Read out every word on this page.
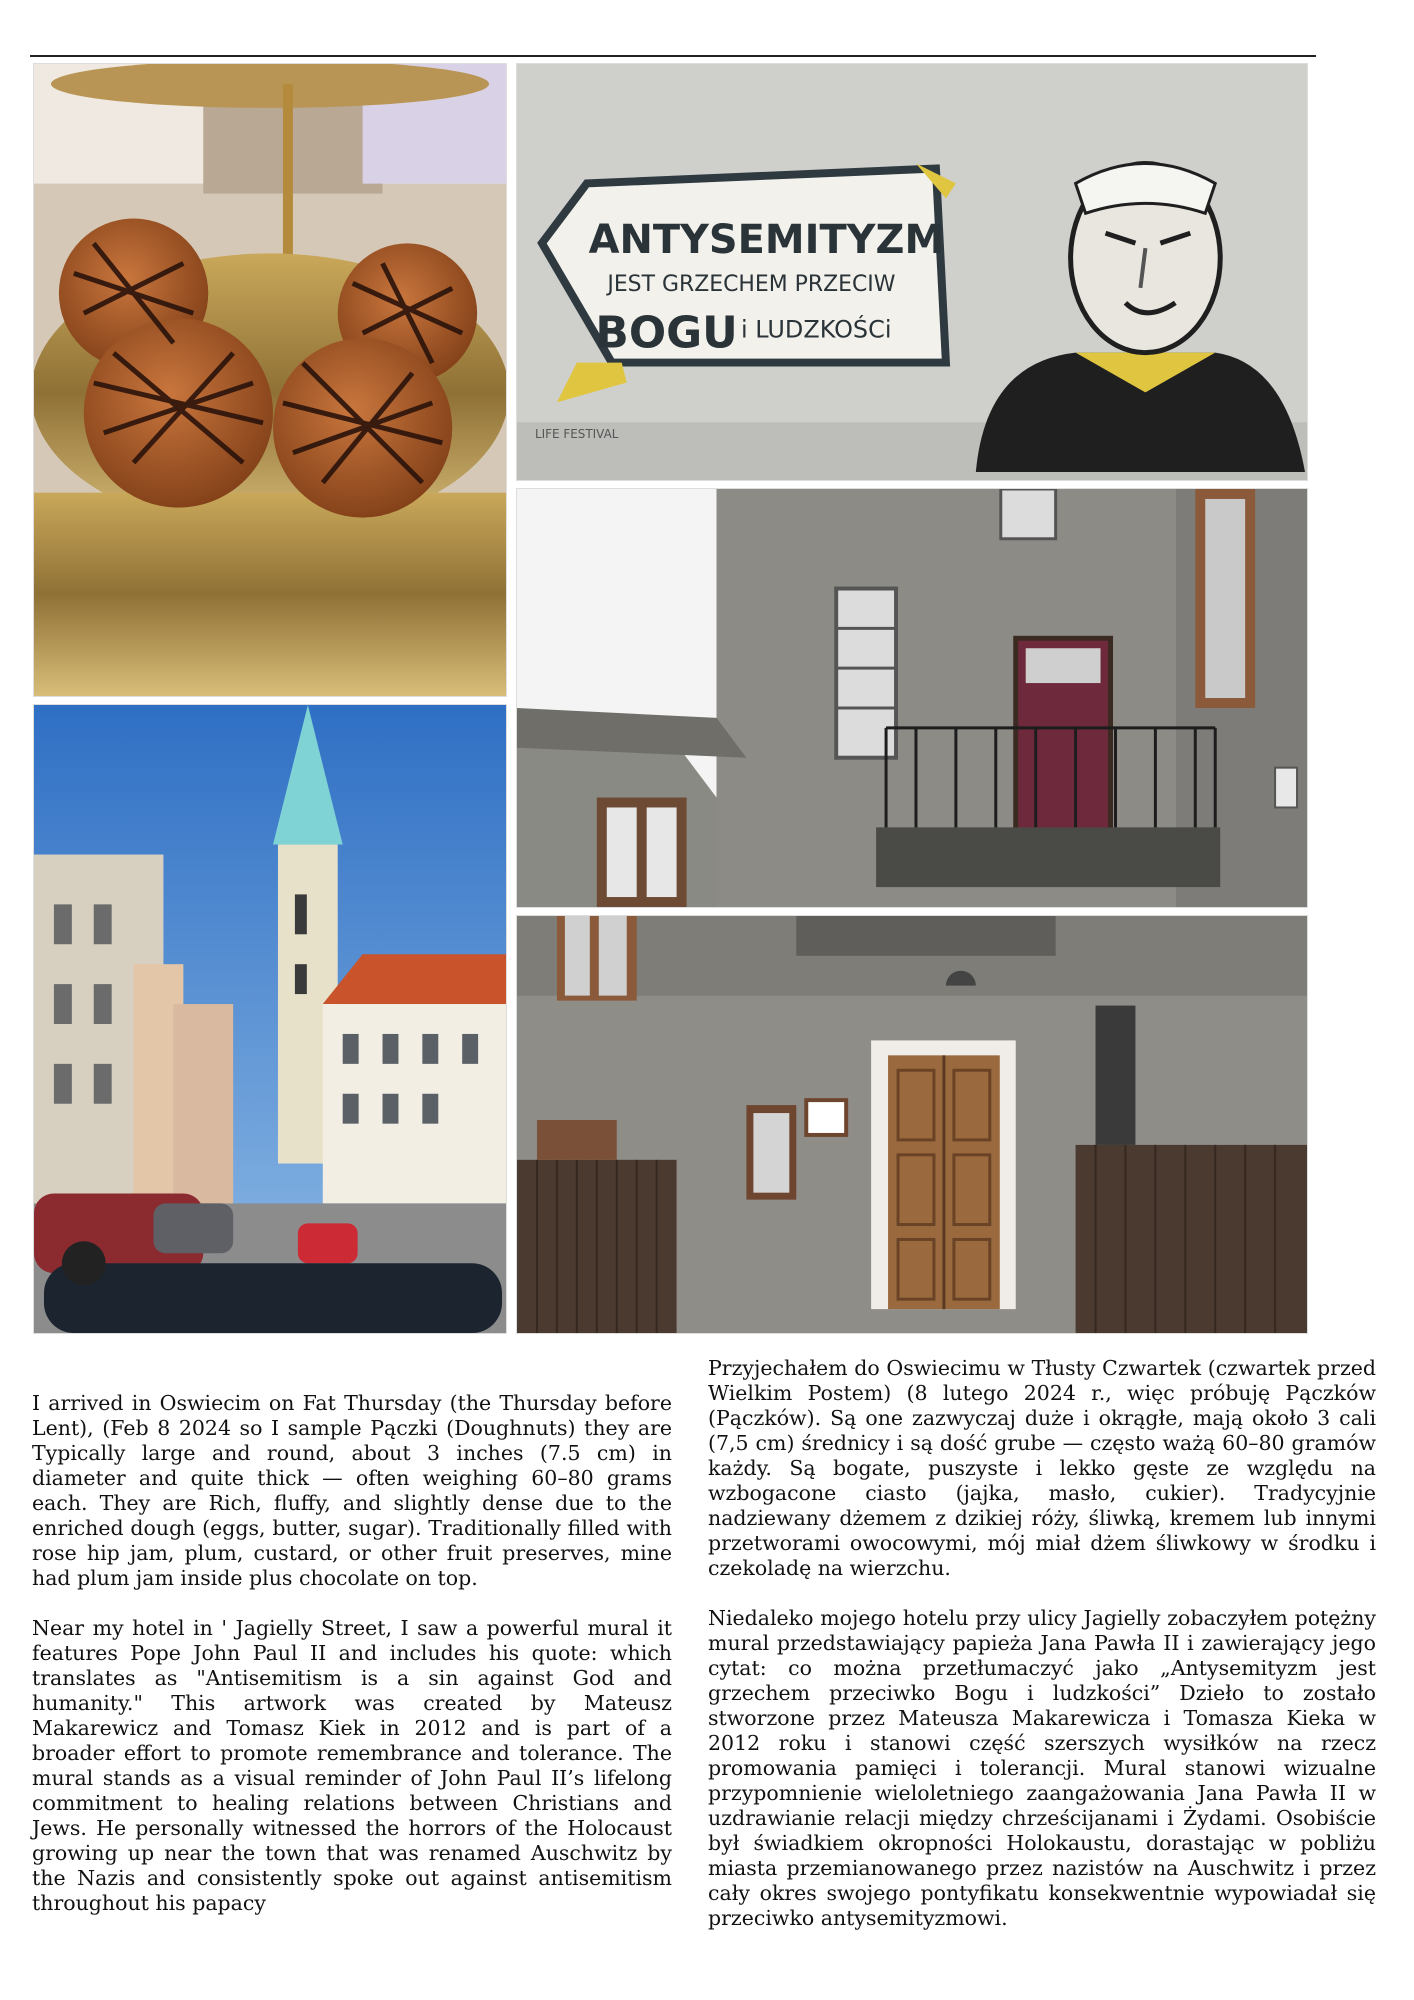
ANTYSEMITYZM
JEST GRZECHEM PRZECIW
BOGU i LUDZKOŚCi
LIFE FESTIVAL

I arrived in Oswiecim on Fat Thursday (the Thursday before Lent), (Feb 8 2024 so I sample Pączki (Doughnuts) they are Typically large and round, about 3 inches (7.5 cm) in diameter and quite thick — often weighing 60–80 grams each. They are Rich, fluffy, and slightly dense due to the enriched dough (eggs, butter, sugar). Traditionally filled with rose hip jam, plum, custard, or other fruit preserves, mine had plum jam inside plus chocolate on top.

Near my hotel in ' Jagielly Street, I saw a powerful mural it features Pope John Paul II and includes his quote: which translates as "Antisemitism is a sin against God and humanity." This artwork was created by Mateusz Makarewicz and Tomasz Kiek in 2012 and is part of a broader effort to promote remembrance and tolerance. The mural stands as a visual reminder of John Paul II’s lifelong commitment to healing relations between Christians and Jews. He personally witnessed the horrors of the Holocaust growing up near the town that was renamed Auschwitz by the Nazis and consistently spoke out against antisemitism throughout his papacy

Przyjechałem do Oswiecimu w Tłusty Czwartek (czwartek przed Wielkim Postem) (8 lutego 2024 r., więc próbuję Pączków (Pączków). Są one zazwyczaj duże i okrągłe, mają około 3 cali (7,5 cm) średnicy i są dość grube — często ważą 60–80 gramów każdy. Są bogate, puszyste i lekko gęste ze względu na wzbogacone ciasto (jajka, masło, cukier). Tradycyjnie nadziewany dżemem z dzikiej róży, śliwką, kremem lub innymi przetworami owocowymi, mój miał dżem śliwkowy w środku i czekoladę na wierzchu.

Niedaleko mojego hotelu przy ulicy Jagielly zobaczyłem potężny mural przedstawiający papieża Jana Pawła II i zawierający jego cytat: co można przetłumaczyć jako „Antysemityzm jest grzechem przeciwko Bogu i ludzkości” Dzieło to zostało stworzone przez Mateusza Makarewicza i Tomasza Kieka w 2012 roku i stanowi część szerszych wysiłków na rzecz promowania pamięci i tolerancji. Mural stanowi wizualne przypomnienie wieloletniego zaangażowania Jana Pawła II w uzdrawianie relacji między chrześcijanami i Żydami. Osobiście był świadkiem okropności Holokaustu, dorastając w pobliżu miasta przemianowanego przez nazistów na Auschwitz i przez cały okres swojego pontyfikatu konsekwentnie wypowiadał się przeciwko antysemityzmowi.
